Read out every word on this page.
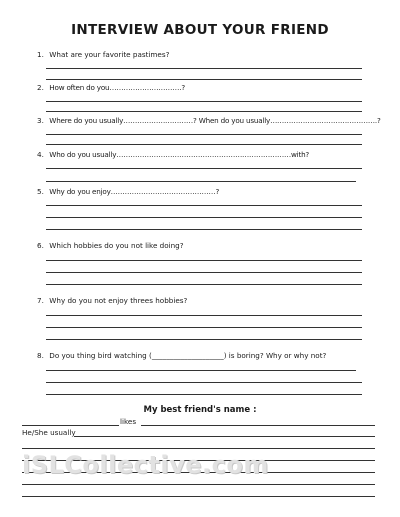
INTERVIEW ABOUT YOUR FRIEND
1. What are your favorite pastimes?
2. How often do you………………………….?
3. Where do you usually…………………………? When do you usually……………………………………….?
4. Who do you usually…………………………………………………………………with?
5. Why do you enjoy………………………………………?
6. Which hobbies do you not like doing?
7. Why do you not enjoy threes hobbies?
8. Do you thing bird watching (____________________) is boring? Why or why not?
My best friend's name :
likes
He/She usually
iSLCollective.com
